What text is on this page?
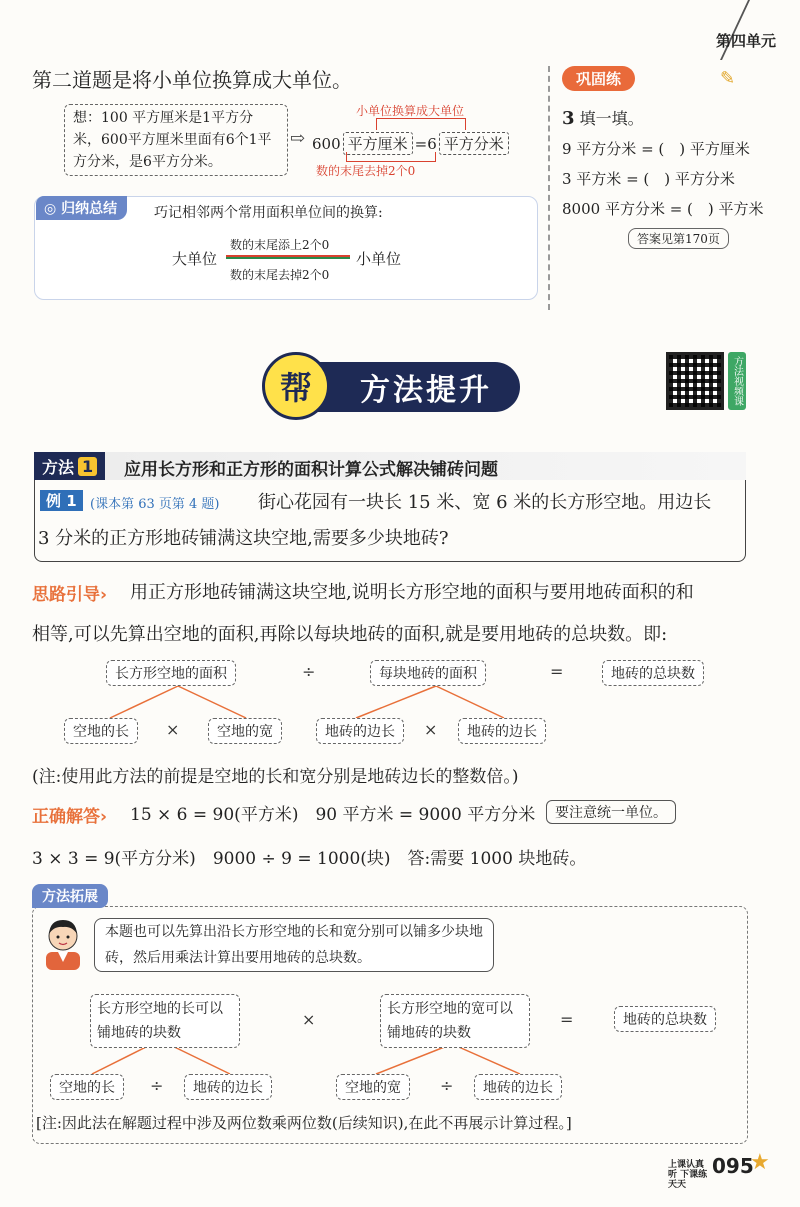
第四单元
第二道题是将小单位换算成大单位。
想：100 平方厘米是1平方分米，600平方厘米里面有6个1平方分米，是6平方分米。
⇨
小单位换算成大单位
600 平方厘米 =6 平方分米
数的末尾去掉2个0
◎ 归纳总结	巧记相邻两个常用面积单位间的换算:
数的末尾添上2个0
大单位	小单位
数的末尾去掉2个0
巩固练	✎
3 填一填。
9 平方分米 = (　) 平方厘米
3 平方米 = (　) 平方分米
8000 平方分米 = (　) 平方米
答案见第170页
方法提升
帮	方法视频课
方法 1 应用长方形和正方形的面积计算公式解决铺砖问题
例 1	(课本第 63 页第 4 题) 街心花园有一块长 15 米、宽 6 米的长方形空地。用边长
3 分米的正方形地砖铺满这块空地,需要多少块地砖?
思路引导› 用正方形地砖铺满这块空地,说明长方形空地的面积与要用地砖面积的和
相等,可以先算出空地的面积,再除以每块地砖的面积,就是要用地砖的总块数。即:
长方形空地的面积	÷	每块地砖的面积	=	地砖的总块数
空地的长	×	空地的宽	地砖的边长	×	地砖的边长
(注:使用此方法的前提是空地的长和宽分别是地砖边长的整数倍。)
正确解答› 15 × 6 = 90(平方米)　90 平方米 = 9000 平方分米	要注意统一单位。
3 × 3 = 9(平方分米)　9000 ÷ 9 = 1000(块)　答:需要 1000 块地砖。
方法拓展
本题也可以先算出沿长方形空地的长和宽分别可以铺多少块地砖，然后用乘法计算出要用地砖的总块数。
长方形空地的长可以铺地砖的块数
×
长方形空地的宽可以铺地砖的块数
=	地砖的总块数
空地的长	÷	地砖的边长	空地的宽	÷	地砖的边长
[注:因此法在解题过程中涉及两位数乘两位数(后续知识),在此不再展示计算过程。]
上课认真听 下课练天天
095
★
